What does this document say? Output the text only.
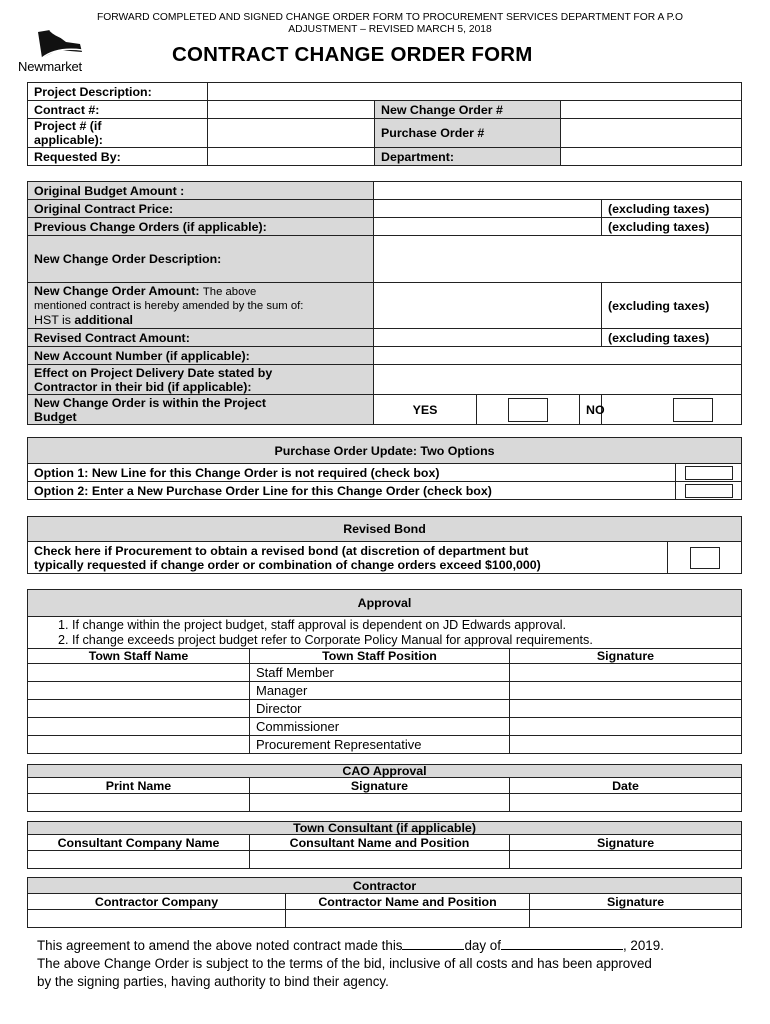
FORWARD COMPLETED AND SIGNED CHANGE ORDER FORM TO PROCUREMENT SERVICES DEPARTMENT FOR A P.O
ADJUSTMENT – REVISED MARCH 5, 2018
Newmarket
CONTRACT CHANGE ORDER FORM
Project Description:			
Contract #:		New Change Order #	

Project # (if
applicable):		Purchase Order #	
Requested By:		Department:	
Original Budget Amount :				
Original Contract Price:				(excluding taxes)
Previous Change Orders (if applicable):				(excluding taxes)
New Change Order Description:				

New Change Order Amount: The above
mentioned contract is hereby amended by the sum of:
HST is additional				(excluding taxes)
Revised Contract Amount:				(excluding taxes)
New Account Number (if applicable):				

Effect on Project Delivery Date stated by
Contractor in their bid (if applicable):				

New Change Order is within the Project
Budget	YES		NO	
Purchase Order Update: Two Options	
Option 1: New Line for this Change Order is not required (check box)	
Option 2: Enter a New Purchase Order Line for this Change Order (check box)	
Revised Bond

Check here if Procurement to obtain a revised bond (at discretion of department but
typically requested if change order or combination of change orders exceed $100,000)

Approval		

1. If change within the project budget, staff approval is dependent on JD Edwards approval.
2. If change exceeds project budget refer to Corporate Policy Manual for approval requirements.		

Town Staff Name	Town Staff Position	Signature
	Staff Member	
	Manager	
	Director	
	Commissioner	
	Procurement Representative	
CAO Approval		
Print Name	Signature	Date

Town Consultant (if applicable)		
Consultant Company Name	Consultant Name and Position	Signature

Contractor		
Contractor Company	Contractor Name and Position	Signature

This agreement to amend the above noted contract made this	day of	, 2019.
The above Change Order is subject to the terms of the bid, inclusive of all costs and has been approved
by the signing parties, having authority to bind their agency.
